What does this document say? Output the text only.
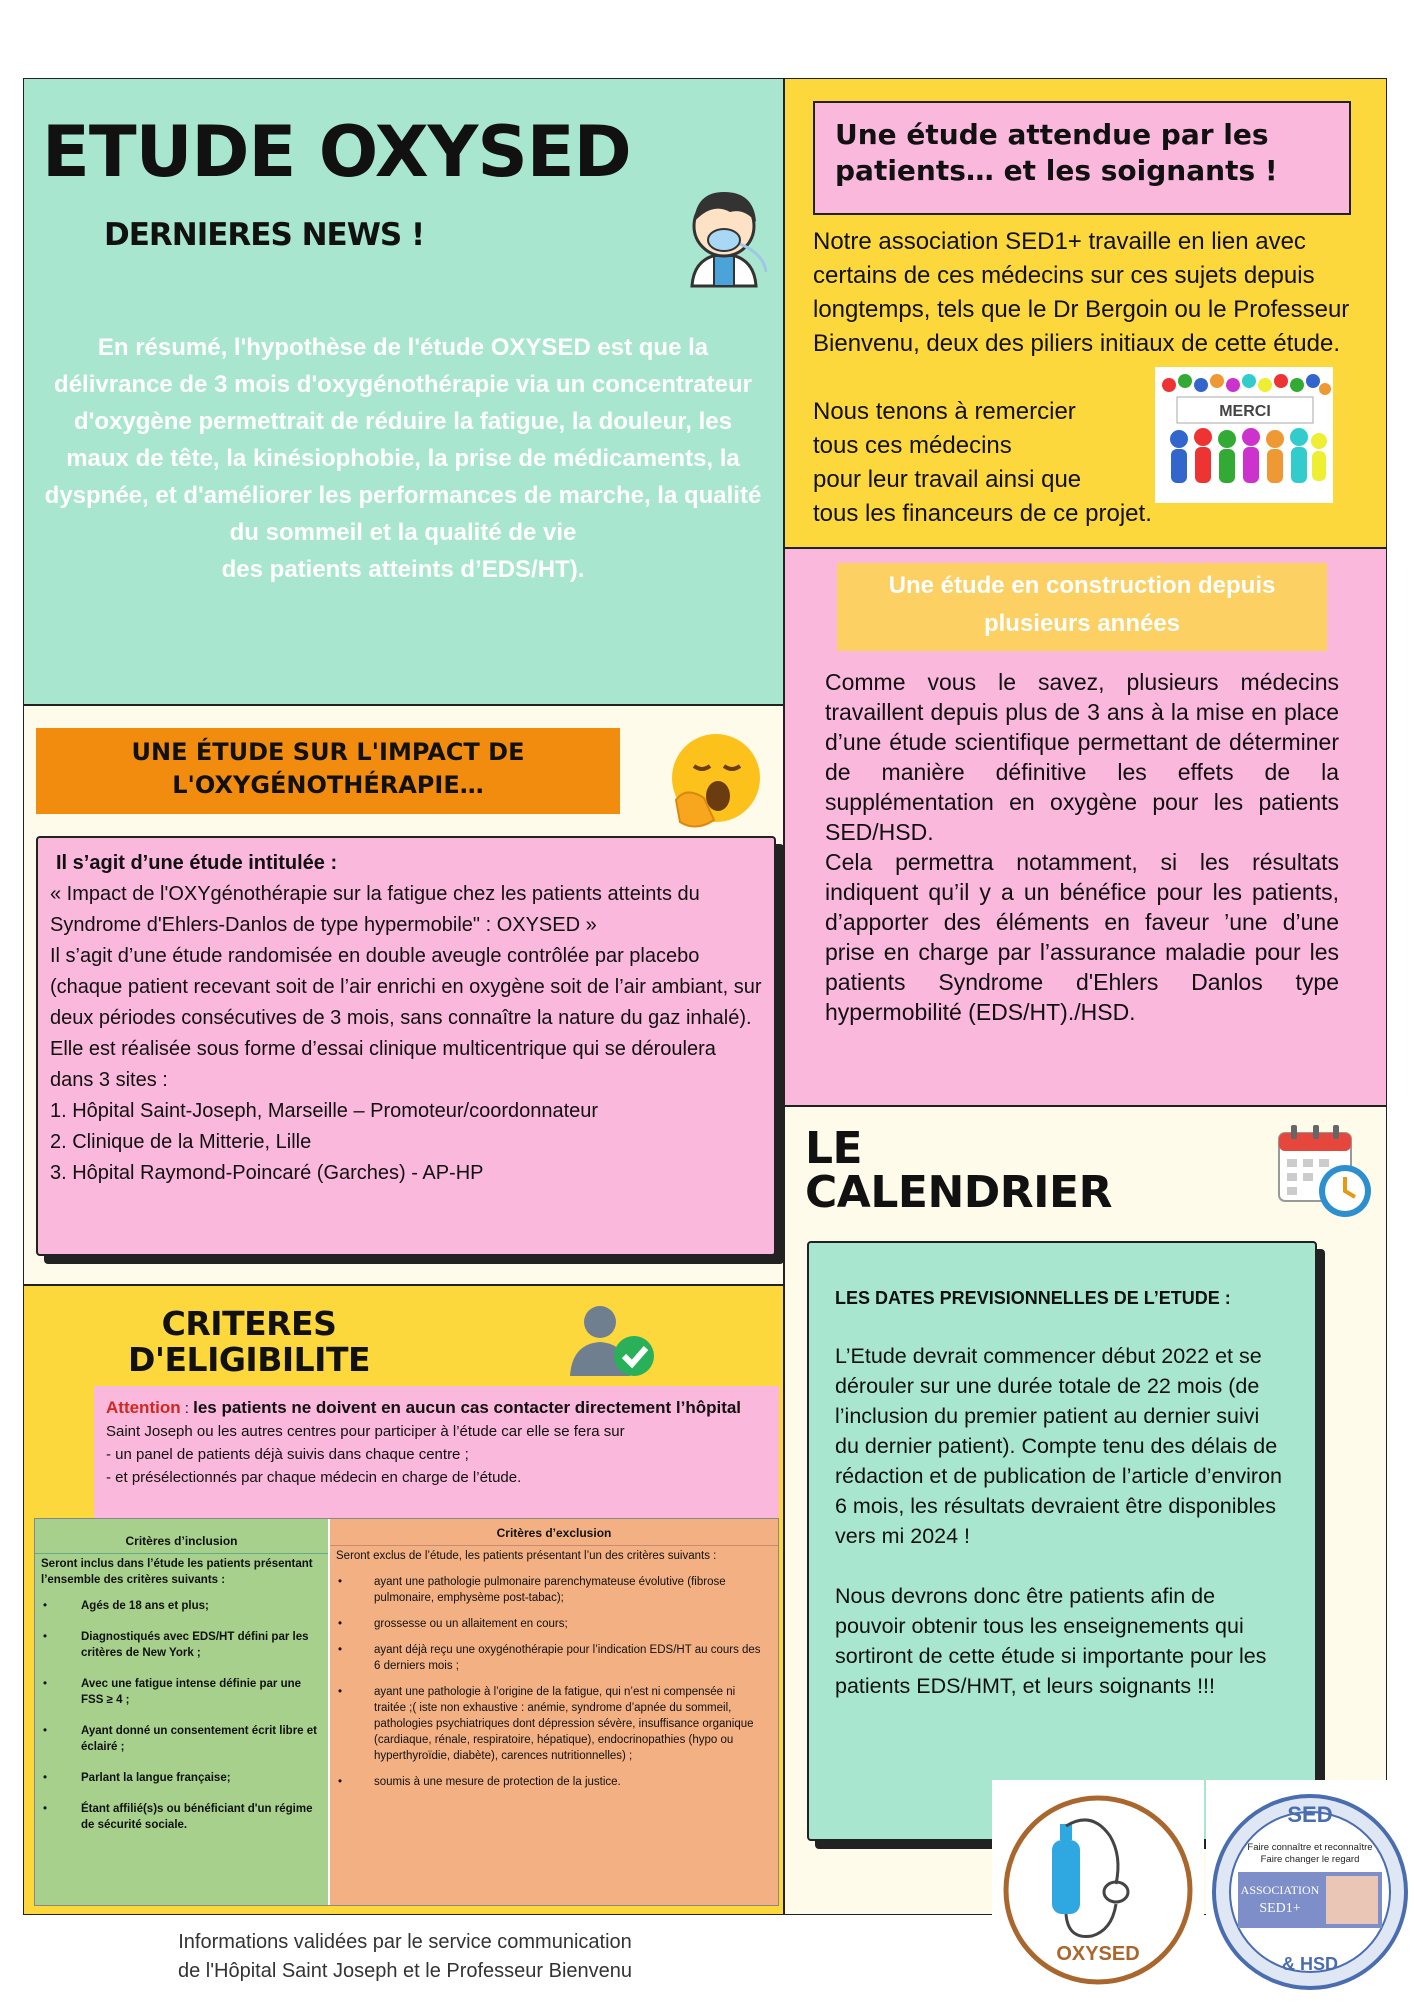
ETUDE OXYSED
DERNIERES NEWS !
En résumé, l'hypothèse de l'étude OXYSED est que la délivrance de 3 mois d'oxygénothérapie via un concentrateur d'oxygène permettrait de réduire la fatigue, la douleur, les maux de tête, la kinésiophobie, la prise de médicaments, la dyspnée, et d'améliorer les performances de marche, la qualité du sommeil et la qualité de vie
des patients atteints d’EDS/HT).
UNE ÉTUDE SUR L'IMPACT DE L'OXYGÉNOTHÉRAPIE…
Il s’agit d’une étude intitulée :
« Impact de l'OXYgénothérapie sur la fatigue chez les patients atteints du Syndrome d'Ehlers-Danlos de type hypermobile" : OXYSED »
Il s’agit d’une étude randomisée en double aveugle contrôlée par placebo (chaque patient recevant soit de l’air enrichi en oxygène soit de l’air ambiant, sur deux périodes consécutives de 3 mois, sans connaître la nature du gaz inhalé).
Elle est réalisée sous forme d’essai clinique multicentrique qui se déroulera dans 3 sites :
1. Hôpital Saint-Joseph, Marseille – Promoteur/coordonnateur
2. Clinique de la Mitterie, Lille
3. Hôpital Raymond-Poincaré (Garches) - AP-HP
CRITERES D'ELIGIBILITE
Attention : les patients ne doivent en aucun cas contacter directement l’hôpital Saint Joseph ou les autres centres pour participer à l’étude car elle se fera sur
- un panel de patients déjà suivis dans chaque centre ;
- et présélectionnés par chaque médecin en charge de l’étude.
Critères d’inclusion
Seront inclus dans l’étude les patients présentant l’ensemble des critères suivants :
•	Agés de 18 ans et plus;
•	Diagnostiqués avec EDS/HT défini par les critères de New York ;
•	Avec une fatigue intense définie par une FSS ≥ 4 ;
•	Ayant donné un consentement écrit libre et éclairé ;
•	Parlant la langue française;
•	Étant affilié(s)s ou bénéficiant d'un régime de sécurité sociale.
Critères d’exclusion
Seront exclus de l’étude, les patients présentant l’un des critères suivants :
•	ayant une pathologie pulmonaire parenchymateuse évolutive (fibrose pulmonaire, emphysème post-tabac);
•	grossesse ou un allaitement en cours;
•	ayant déjà reçu une oxygénothérapie pour l’indication EDS/HT au cours des 6 derniers mois ;
•	ayant une pathologie à l’origine de la fatigue, qui n’est ni compensée ni traitée ;( iste non exhaustive : anémie, syndrome d’apnée du sommeil, pathologies psychiatriques dont dépression sévère, insuffisance organique (cardiaque, rénale, respiratoire, hépatique), endocrinopathies (hypo ou hyperthyroïdie, diabète), carences nutritionnelles) ;
•	soumis à une mesure de protection de la justice.
Informations validées par le service communication
de l'Hôpital Saint Joseph et le Professeur Bienvenu
Une étude attendue par les patients… et les soignants !
Notre association SED1+ travaille en lien avec certains de ces médecins sur ces sujets depuis longtemps, tels que le Dr Bergoin ou le Professeur Bienvenu, deux des piliers initiaux de cette étude.
Nous tenons à remercier
tous ces médecins
pour leur travail ainsi que
tous les financeurs de ce projet.
MERCI
Une étude en construction depuis plusieurs années
Comme vous le savez, plusieurs médecins travaillent depuis plus de 3 ans à la mise en place d’une étude scientifique permettant de déterminer de manière définitive les effets de la supplémentation en oxygène pour les patients SED/HSD.
Cela permettra notamment, si les résultats indiquent qu’il y a un bénéfice pour les patients, d’apporter des éléments en faveur ’une d’une prise en charge par l’assurance maladie pour les patients Syndrome d'Ehlers Danlos type hypermobilité (EDS/HT)./HSD.
LE
CALENDRIER
LES DATES PREVISIONNELLES DE L’ETUDE :
L’Etude devrait commencer début 2022 et se dérouler sur une durée totale de 22 mois (de l’inclusion du premier patient au dernier suivi du dernier patient). Compte tenu des délais de rédaction et de publication de l’article d’environ 6 mois, les résultats devraient être disponibles vers mi 2024 !
Nous devrons donc être patients afin de pouvoir obtenir tous les enseignements qui sortiront de cette étude si importante pour les patients EDS/HMT, et leurs soignants !!!
OXYSED
SED
Faire connaître et reconnaître
Faire changer le regard
ASSOCIATION
SED1+
& HSD
